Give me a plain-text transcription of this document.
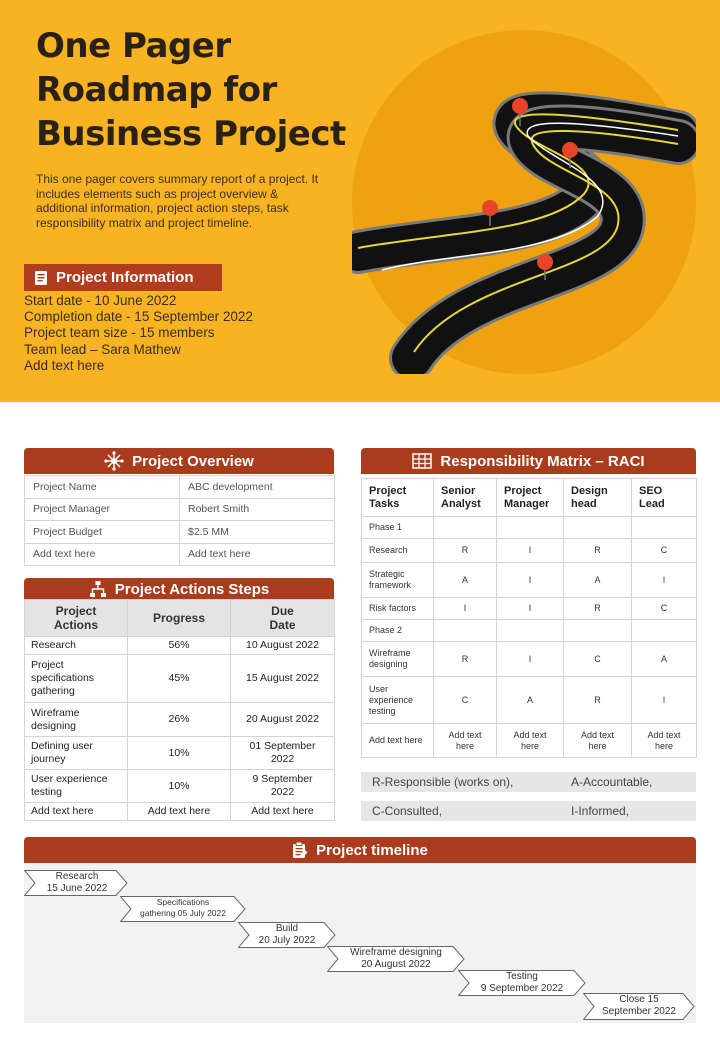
One Pager
Roadmap for
Business Project

This one pager covers summary report of a project. It includes elements such as project overview & additional information, project action steps, task responsibility matrix and project timeline.

Project Information
Start date - 10 June 2022
Completion date - 15 September 2022
Project team size - 15 members
Team lead – Sara Mathew
Add text here
Project Overview
Project Name	ABC development
Project Manager	Robert Smith
Project Budget	$2.5 MM
Add text here	Add text here
Project Actions Steps
Project Actions	Progress	Due Date
Research	56%	10 August 2022
Project specifications gathering	45%	15 August 2022
Wireframe designing	26%	20 August 2022
Defining user journey	10%	01 September 2022
User experience testing	10%	9 September 2022
Add text here	Add text here	Add text here
Responsibility Matrix – RACI
Project Tasks	Senior Analyst	Project Manager	Design head	SEO Lead
Phase 1				
Research	R	I	R	C
Strategic framework	A	I	A	I
Risk factors	I	I	R	C
Phase 2				
Wireframe designing	R	I	C	A
User experience testing	C	A	R	I
Add text here	Add text here	Add text here	Add text here	Add text here
R-Responsible (works on),	A-Accountable,
C-Consulted,	I-Informed,
Project timeline
Research
15 June 2022
Specifications
gathering 05 July 2022
Build
20 July 2022
Wireframe designing
20 August 2022
Testing
9 September 2022
Close 15
September 2022
